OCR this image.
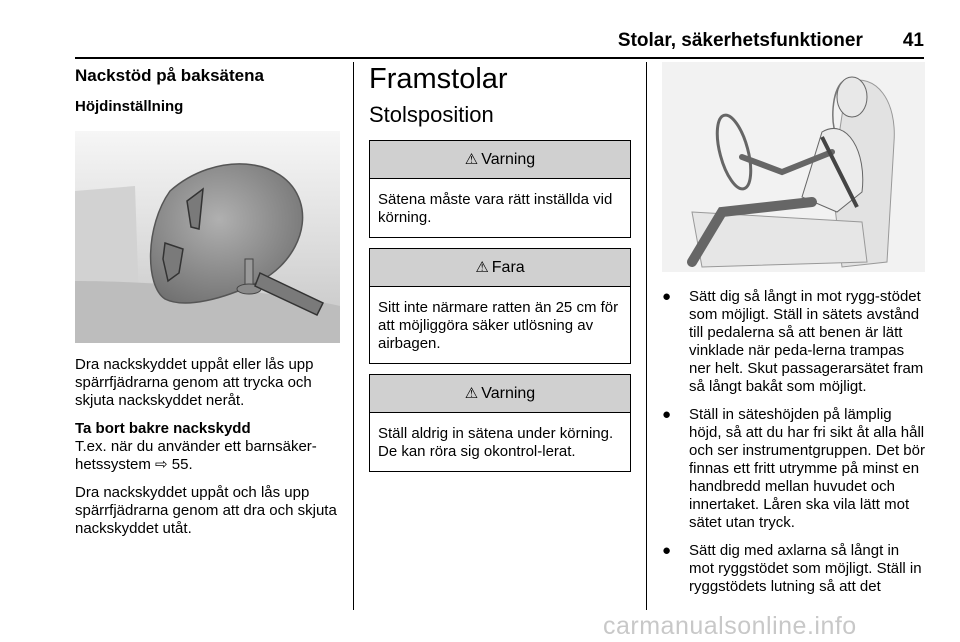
Stolar, säkerhetsfunktioner 41
Nackstöd på baksätena
Höjdinställning

Dra nackskyddet uppåt eller lås upp spärrfjädrarna genom att trycka och skjuta nackskyddet neråt.

Ta bort bakre nackskydd

T.ex. när du använder ett barnsäker-hetssystem ⇨ 55.

Dra nackskyddet uppåt och lås upp spärrfjädrarna genom att dra och skjuta nackskyddet utåt.

Framstolar
Stolsposition
⚠ Varning
Sätena måste vara rätt inställda vid körning.
⚠ Fara
Sitt inte närmare ratten än 25 cm för att möjliggöra säker utlösning av airbagen.
⚠ Varning
Ställ aldrig in sätena under körning. De kan röra sig okontrol-lerat.
● Sätt dig så långt in mot rygg-stödet som möjligt. Ställ in sätets avstånd till pedalerna så att benen är lätt vinklade när peda-lerna trampas ner helt. Skut passagerarsätet fram så långt bakåt som möjligt.
● Ställ in säteshöjden på lämplig höjd, så att du har fri sikt åt alla håll och ser instrumentgruppen. Det bör finnas ett fritt utrymme på minst en handbredd mellan huvudet och innertaket. Låren ska vila lätt mot sätet utan tryck.
● Sätt dig med axlarna så långt in mot ryggstödet som möjligt. Ställ in ryggstödets lutning så att det
carmanualsonline.info
